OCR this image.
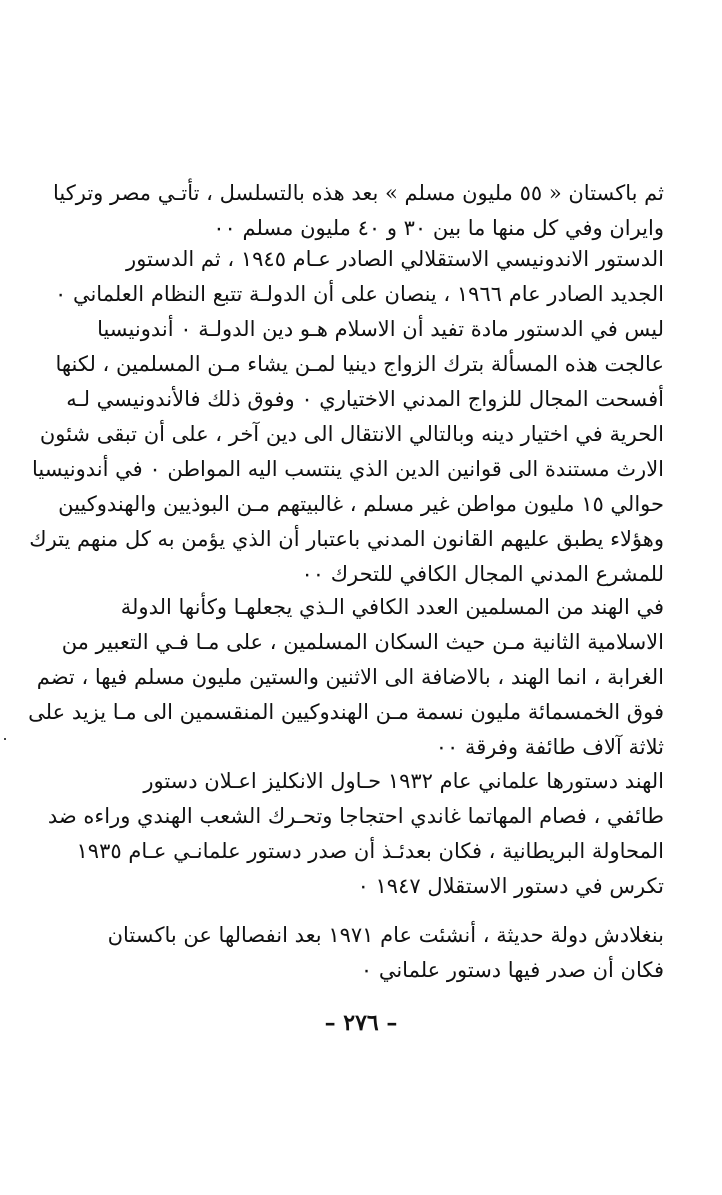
ثم باكستان « ٥٥ مليون مسلم » بعد هذه بالتسلسل ، تأتـي مصر وتركيا
وايران وفي كل منها ما بين ٣٠ و ٤٠ مليون مسلم ٠٠
الدستور الاندونيسي الاستقلالي الصادر عـام ١٩٤٥ ، ثم الدستور
الجديد الصادر عام ١٩٦٦ ، ينصان على أن الدولـة تتبع النظام العلماني ٠
ليس في الدستور مادة تفيد أن الاسلام هـو دين الدولـة ٠ أندونيسيا
عالجت هذه المسألة بترك الزواج دينيا لمـن يشاء مـن المسلمين ، لكنها
أفسحت المجال للزواج المدني الاختياري ٠ وفوق ذلك فالأندونيسي لـه
الحرية في اختيار دينه وبالتالي الانتقال الى دين آخر ، على أن تبقى شئون
الارث مستندة الى قوانين الدين الذي ينتسب اليه المواطن ٠ في أندونيسيا
حوالي ١٥ مليون مواطن غير مسلم ، غالبيتهم مـن البوذيين والهندوكيين
وهؤلاء يطبق عليهم القانون المدني باعتبار أن الذي يؤمن به كل منهم يترك
للمشرع المدني المجال الكافي للتحرك ٠٠
في الهند من المسلمين العدد الكافي الـذي يجعلهـا وكأنها الدولة
الاسلامية الثانية مـن حيث السكان المسلمين ، على مـا فـي التعبير من
الغرابة ، انما الهند ، بالاضافة الى الاثنين والستين مليون مسلم فيها ، تضم
فوق الخمسمائة مليون نسمة مـن الهندوكيين المنقسمين الى مـا يزيد على
ثلاثة آلاف طائفة وفرقة ٠٠
الهند دستورها علماني عام ١٩٣٢ حـاول الانكليز اعـلان دستور
طائفي ، فصام المهاتما غاندي احتجاجا وتحـرك الشعب الهندي وراءه ضد
المحاولة البريطانية ، فكان بعدئـذ أن صدر دستور علمانـي عـام ١٩٣٥
تكرس في دستور الاستقلال ١٩٤٧ ٠
بنغلادش دولة حديثة ، أنشئت عام ١٩٧١ بعد انفصالها عن باكستان
فكان أن صدر فيها دستور علماني ٠
– ٢٧٦ –
